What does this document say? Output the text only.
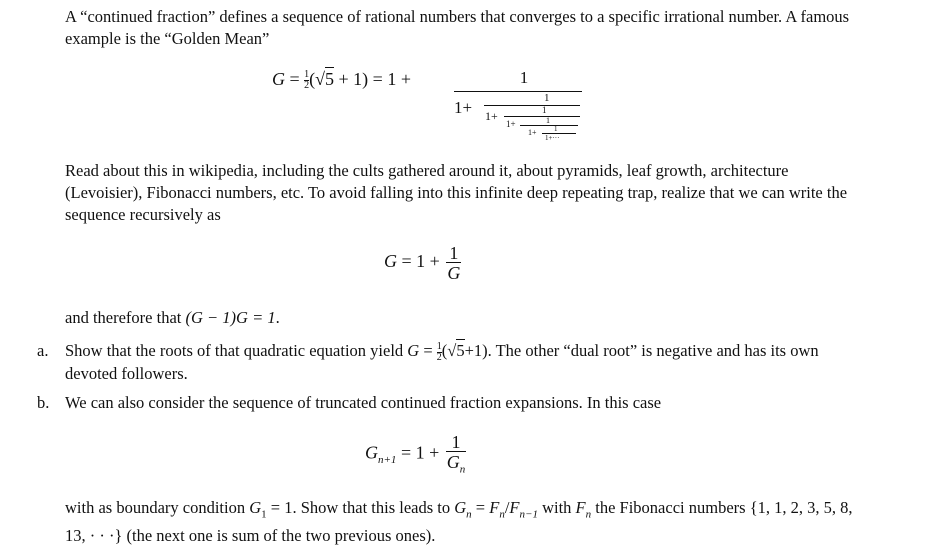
A “continued fraction” defines a sequence of rational numbers that converges to a specific irrational number. A famous example is the “Golden Mean”

$G = \frac{1}{2} (√5 + 1) = 1$ +	1
1+	1
1+	1
1+	1
1+ 1
1+···

Read about this in wikipedia, including the cults gathered around it, about pyramids, leaf growth, architecture (Levoisier), Fibonacci numbers, etc. To avoid falling into this infinite deep repeating trap, realize that we can write the sequence recursively as

$G = 1 + \frac{1}{G}$

and therefore that (G − 1)G = 1.

a. Show that the roots of that quadratic equation yield $G = \frac{1}{2} (√5+1)$. The other “dual root” is negative and has its own devoted followers.

b. We can also consider the sequence of truncated continued fraction expansions. In this case

$G_{n+1} = 1 + \frac{1}{G_n}$

with as boundary condition $G_1 = 1$. Show that this leads to $G_n = F_n/F_{n-1}$ with $F_n$ the Fibonacci numbers {1, 1, 2, 3, 5, 8, 13, · · ·} (the next one is sum of the two previous ones).
